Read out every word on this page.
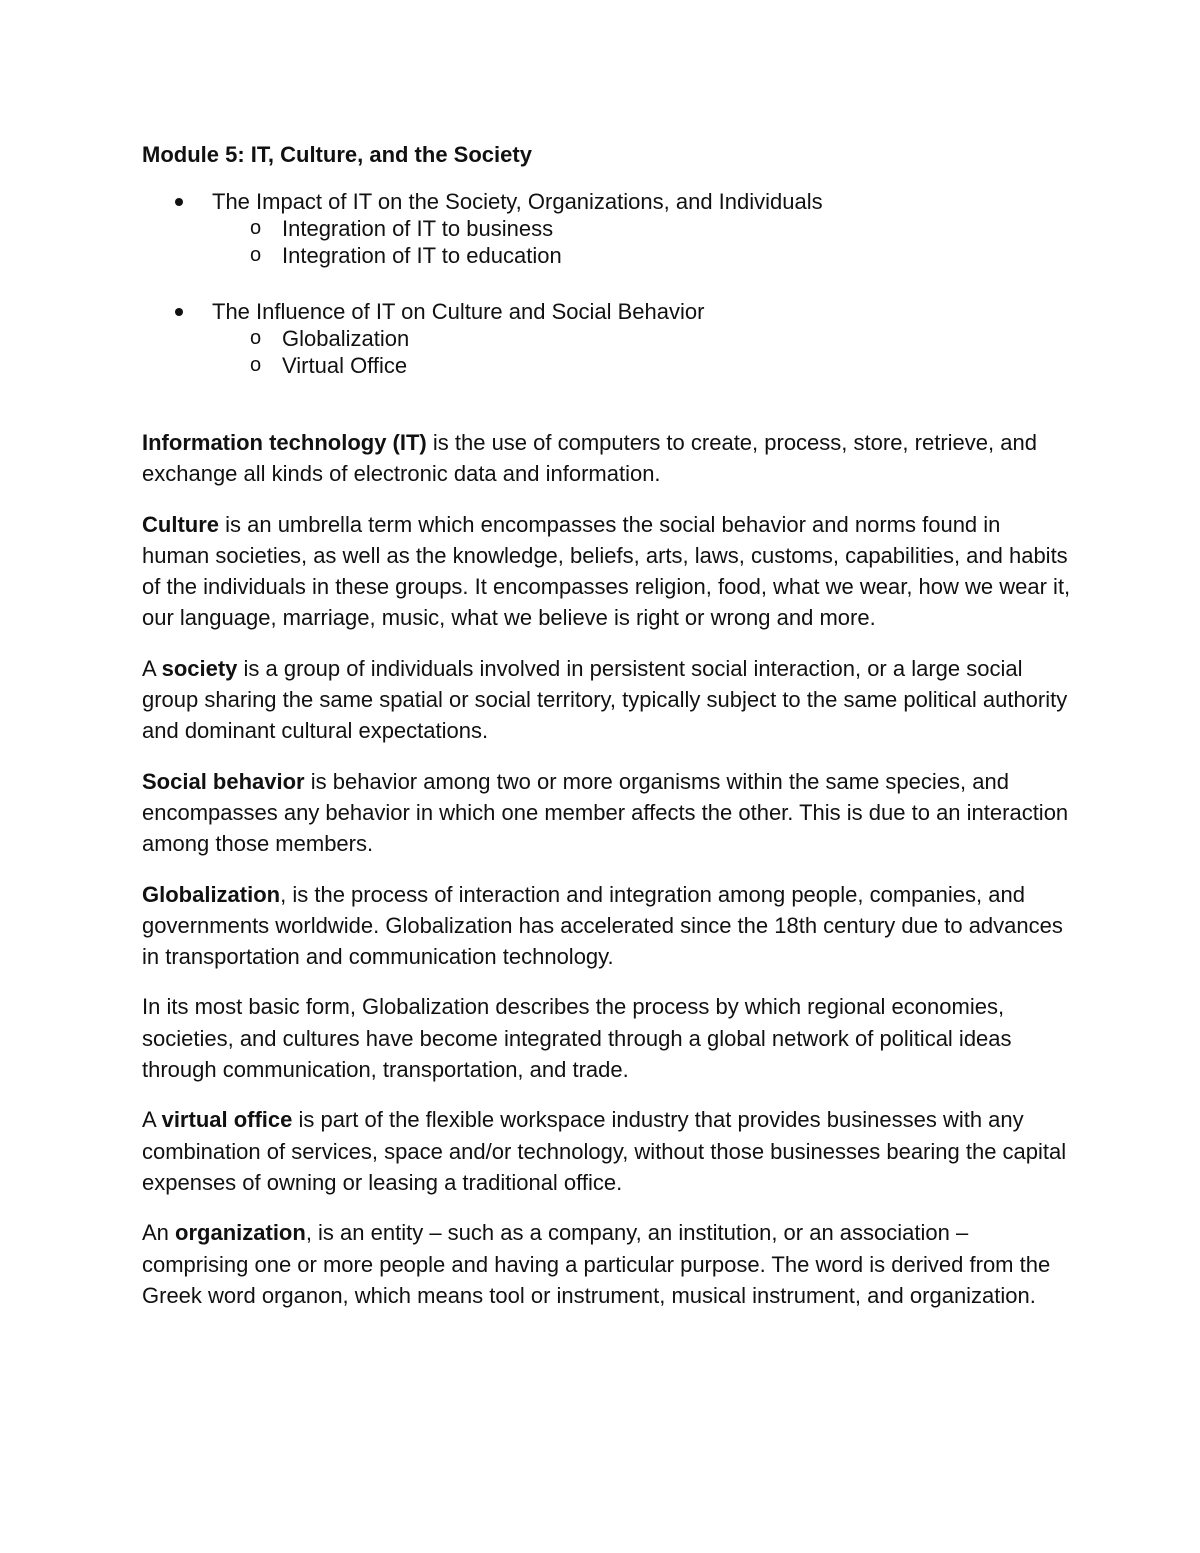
Module 5: IT, Culture, and the Society
The Impact of IT on the Society, Organizations, and Individuals
o Integration of IT to business
o Integration of IT to education
The Influence of IT on Culture and Social Behavior
o Globalization
o Virtual Office

Information technology (IT) is the use of computers to create, process, store, retrieve, and exchange all kinds of electronic data and information.

Culture is an umbrella term which encompasses the social behavior and norms found in human societies, as well as the knowledge, beliefs, arts, laws, customs, capabilities, and habits of the individuals in these groups. It encompasses religion, food, what we wear, how we wear it, our language, marriage, music, what we believe is right or wrong and more.

A society is a group of individuals involved in persistent social interaction, or a large social group sharing the same spatial or social territory, typically subject to the same political authority and dominant cultural expectations.

Social behavior is behavior among two or more organisms within the same species, and encompasses any behavior in which one member affects the other. This is due to an interaction among those members.

Globalization, is the process of interaction and integration among people, companies, and governments worldwide. Globalization has accelerated since the 18th century due to advances in transportation and communication technology.

In its most basic form, Globalization describes the process by which regional economies, societies, and cultures have become integrated through a global network of political ideas through communication, transportation, and trade.

A virtual office is part of the flexible workspace industry that provides businesses with any combination of services, space and/or technology, without those businesses bearing the capital expenses of owning or leasing a traditional office.

An organization, is an entity – such as a company, an institution, or an association – comprising one or more people and having a particular purpose. The word is derived from the Greek word organon, which means tool or instrument, musical instrument, and organization.
